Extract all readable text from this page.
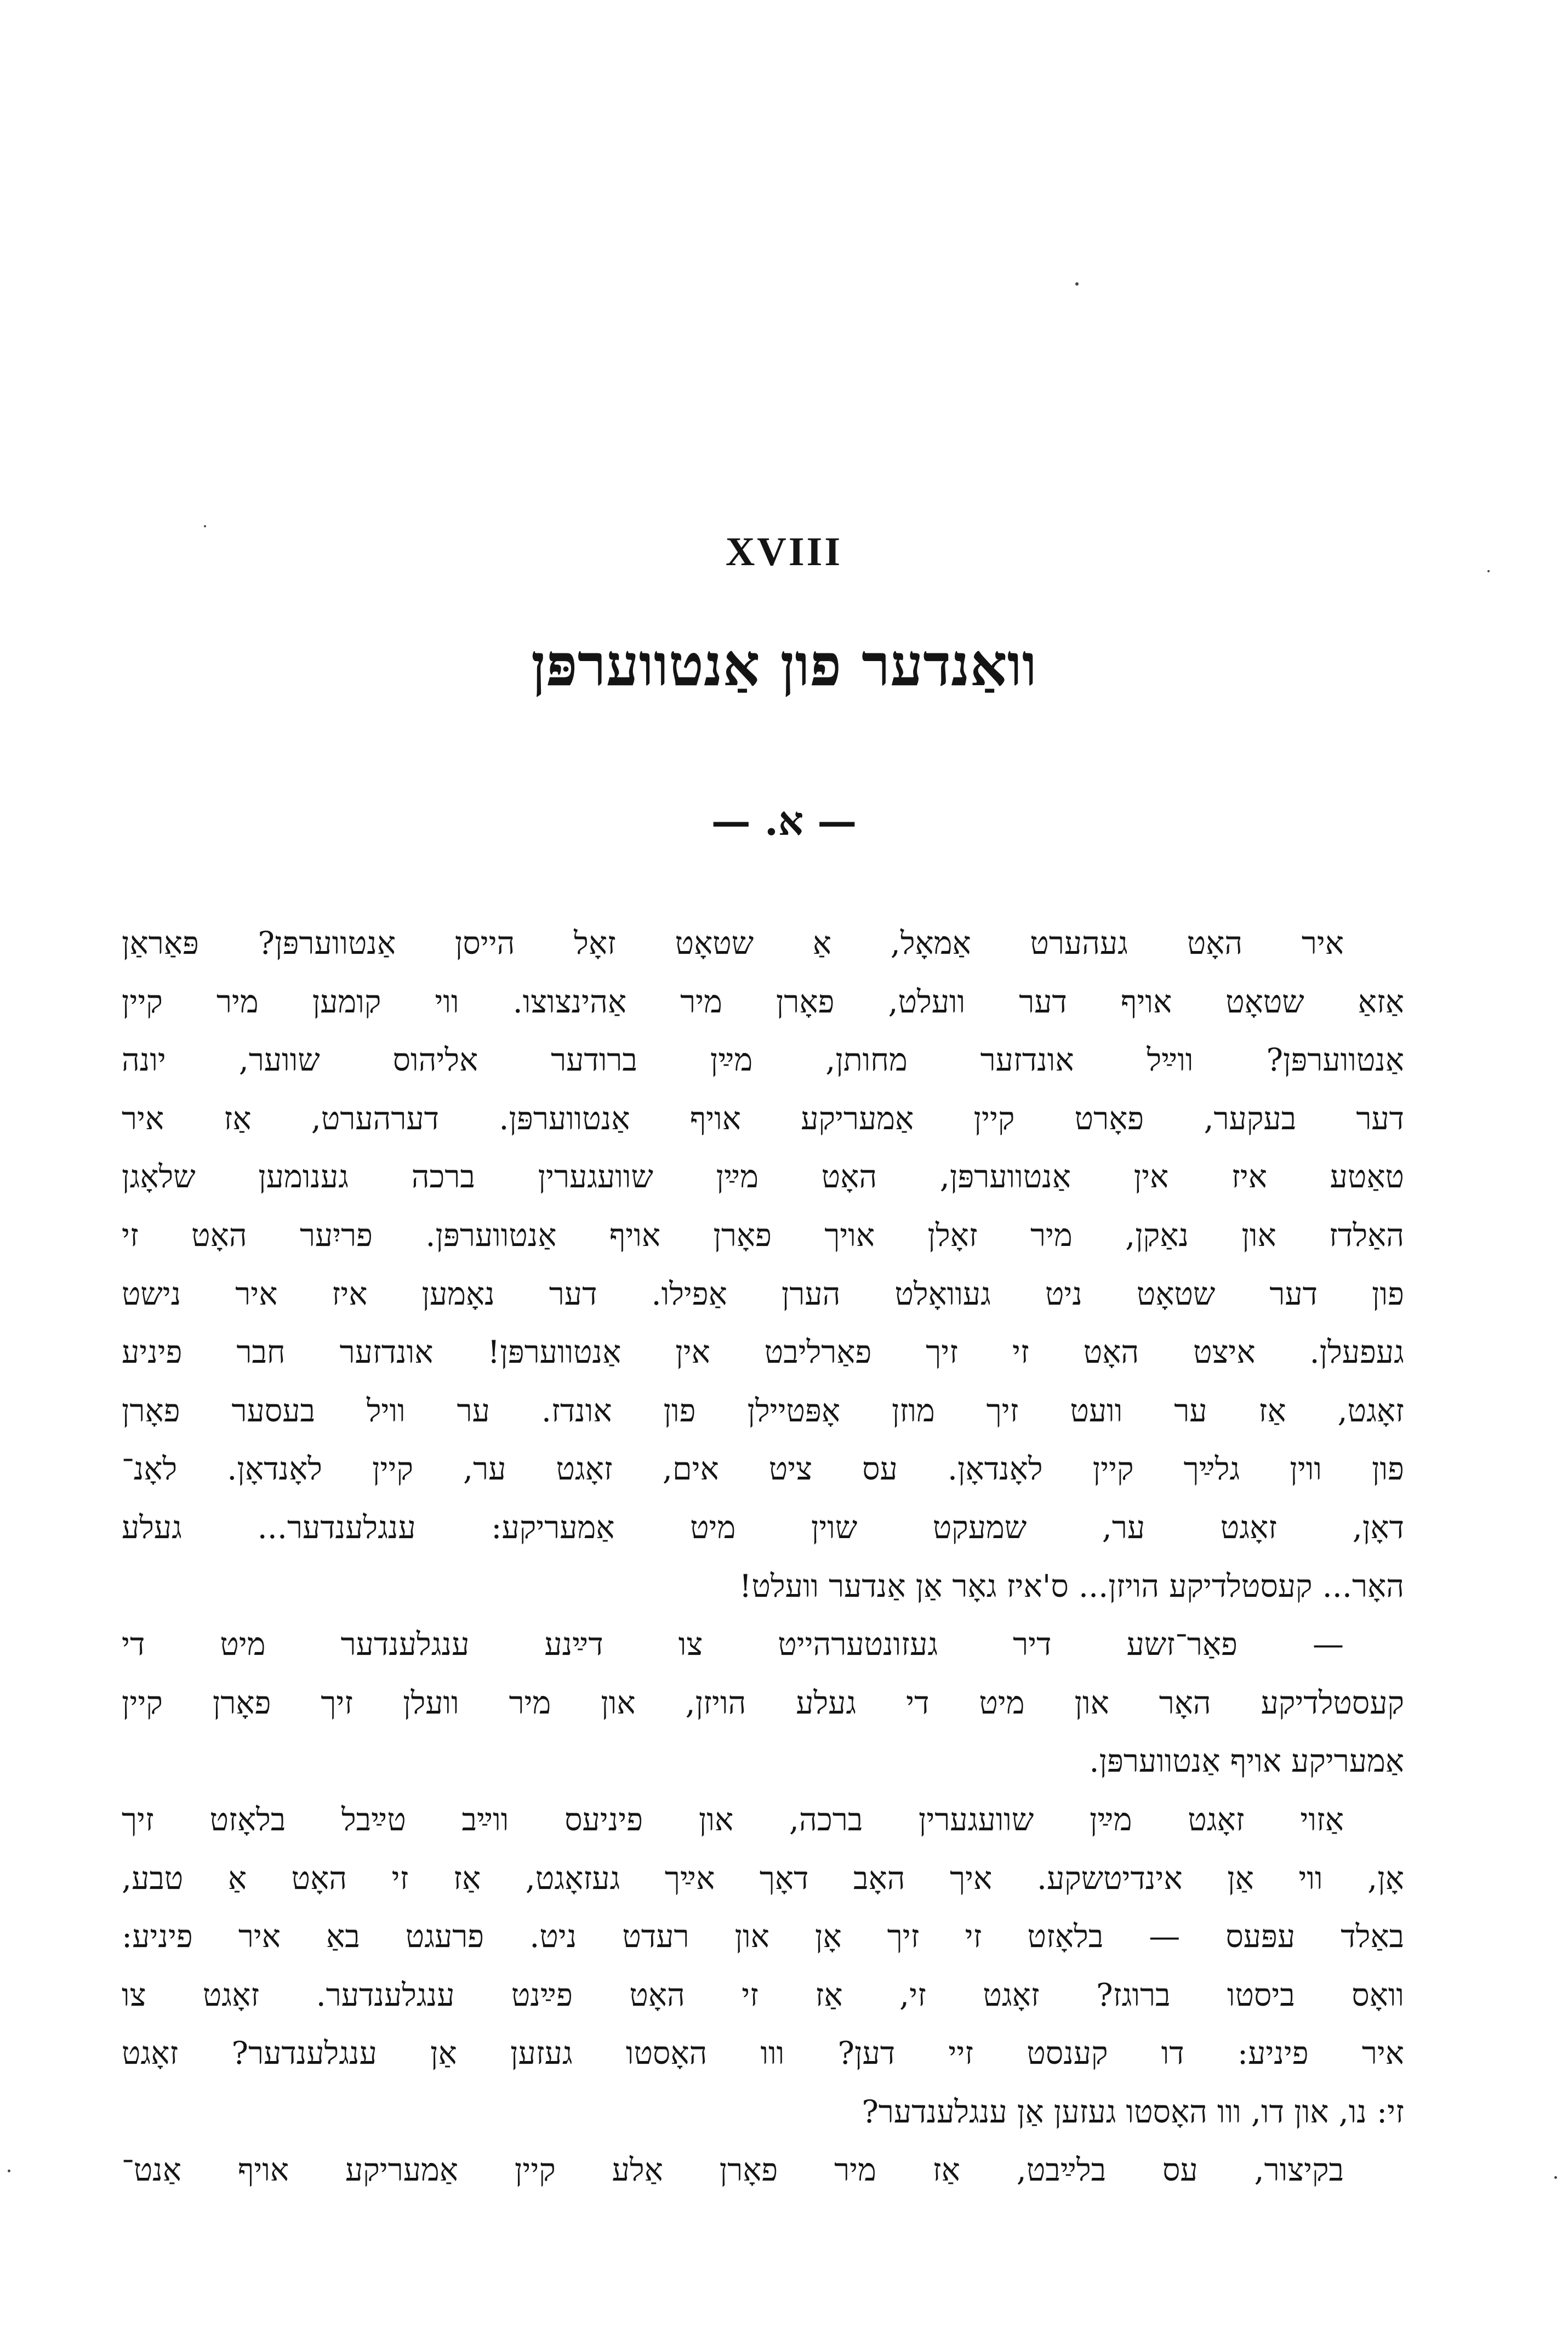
XVIII
וואַנדער פון אַנטווערפּן
— א. —
איר האָט געהערט אַמאָל, אַ שטאָט זאָל הייסן אַנטווערפּן? פּאַראַן
אַזאַ שטאָט אויף דער וועלט, פאָרן מיר אַהינצוצו. ווי קומען מיר קיין
אַנטווערפּן? ווײַל אונדזער מחותן, מײַן ברודער אליהוס שווער, יונה
דער בעקער, פאָרט קיין אַמעריקע אויף אַנטווערפּן. דערהערט, אַז איר
טאַטע איז אין אַנטווערפּן, האָט מײַן שוועגערין ברכה גענומען שלאָגן
האַלדז און נאַקן, מיר זאָלן אויך פאָרן אויף אַנטווערפּן. פריִער האָט זי
פון דער שטאָט ניט געוואָלט הערן אַפילו. דער נאָמען איז איר נישט
געפעלן. איצט האָט זי זיך פאַרליבט אין אַנטווערפּן! אונדזער חבר פיניע
זאָגט, אַז ער וועט זיך מוזן אָפּטיילן פון אונדז. ער וויל בעסער פאָרן
פון ווין גלײַך קיין לאָנדאָן. עס ציט אים, זאָגט ער, קיין לאָנדאָן. לאָנ־
דאָן, זאָגט ער, שמעקט שוין מיט אַמעריקע: ענגלענדער... געלע
האָר... קעסטלדיקע הויזן... ס'איז גאָר אַן אַנדער וועלט!
— פאַר־זשע דיר געזונטערהייט צו דײַנע ענגלענדער מיט די
קעסטלדיקע האָר און מיט די געלע הויזן, און מיר וועלן זיך פאָרן קיין
אַמעריקע אויף אַנטווערפּן.
אַזוי זאָגט מײַן שוועגערין ברכה, און פיניעס ווײַב טײַבל בלאָזט זיך
אָן, ווי אַן אינדיטשקע. איך האָב דאָך אײַך געזאָגט, אַז זי האָט אַ טבע,
באַלד עפּעס — בלאָזט זי זיך אָן און רעדט ניט. פרעגט באַ איר פיניע:
וואָס ביסטו ברוגז? זאָגט זי, אַז זי האָט פײַנט ענגלענדער. זאָגט צו
איר פיניע: דו קענסט זיי דען? ווו האָסטו געזען אַן ענגלענדער? זאָגט
זי: נו, און דו, ווו האָסטו געזען אַן ענגלענדער?
בקיצור, עס בלײַבט, אַז מיר פאָרן אַלע קיין אַמעריקע אויף אַנט־
